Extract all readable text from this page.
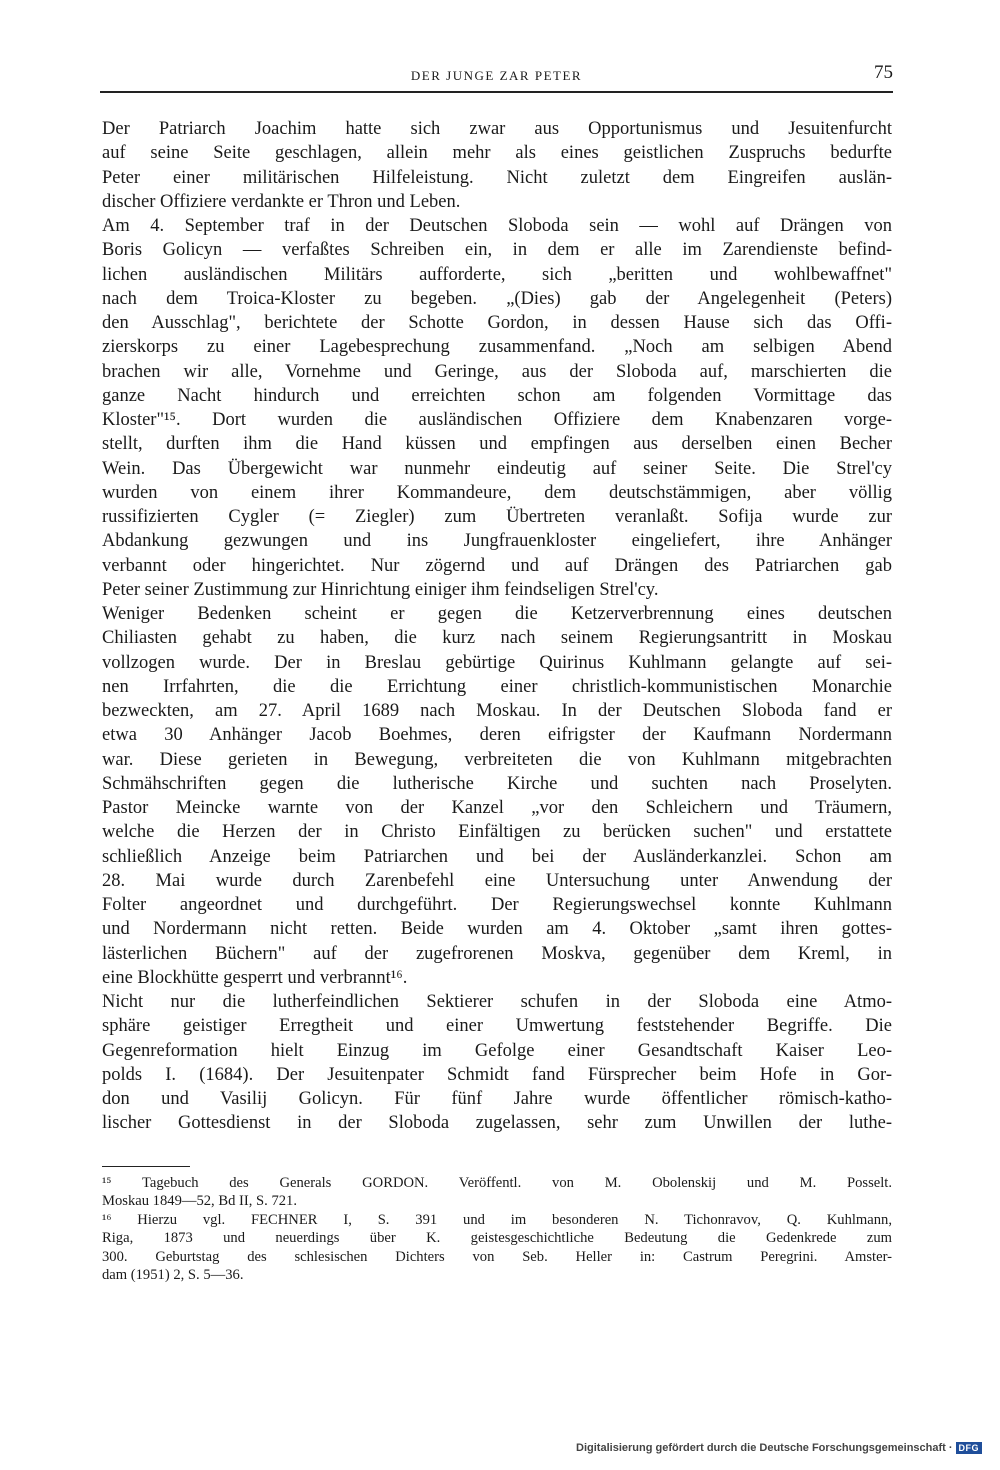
DER JUNGE ZAR PETER	75
Der Patriarch Joachim hatte sich zwar aus Opportunismus und Jesuitenfurcht
auf seine Seite geschlagen, allein mehr als eines geistlichen Zuspruchs bedurfte
Peter einer militärischen Hilfeleistung. Nicht zuletzt dem Eingreifen auslän-
discher Offiziere verdankte er Thron und Leben.
Am 4. September traf in der Deutschen Sloboda sein — wohl auf Drängen von
Boris Golicyn — verfaßtes Schreiben ein, in dem er alle im Zarendienste befind-
lichen ausländischen Militärs aufforderte, sich „beritten und wohlbewaffnet"
nach dem Troica-Kloster zu begeben. „(Dies) gab der Angelegenheit (Peters)
den Ausschlag", berichtete der Schotte Gordon, in dessen Hause sich das Offi-
zierskorps zu einer Lagebesprechung zusammenfand. „Noch am selbigen Abend
brachen wir alle, Vornehme und Geringe, aus der Sloboda auf, marschierten die
ganze Nacht hindurch und erreichten schon am folgenden Vormittage das
Kloster"¹⁵. Dort wurden die ausländischen Offiziere dem Knabenzaren vorge-
stellt, durften ihm die Hand küssen und empfingen aus derselben einen Becher
Wein. Das Übergewicht war nunmehr eindeutig auf seiner Seite. Die Strel'cy
wurden von einem ihrer Kommandeure, dem deutschstämmigen, aber völlig
russifizierten Cygler (= Ziegler) zum Übertreten veranlaßt. Sofija wurde zur
Abdankung gezwungen und ins Jungfrauenkloster eingeliefert, ihre Anhänger
verbannt oder hingerichtet. Nur zögernd und auf Drängen des Patriarchen gab
Peter seiner Zustimmung zur Hinrichtung einiger ihm feindseligen Strel'cy.
Weniger Bedenken scheint er gegen die Ketzerverbrennung eines deutschen
Chiliasten gehabt zu haben, die kurz nach seinem Regierungsantritt in Moskau
vollzogen wurde. Der in Breslau gebürtige Quirinus Kuhlmann gelangte auf sei-
nen Irrfahrten, die die Errichtung einer christlich-kommunistischen Monarchie
bezweckten, am 27. April 1689 nach Moskau. In der Deutschen Sloboda fand er
etwa 30 Anhänger Jacob Boehmes, deren eifrigster der Kaufmann Nordermann
war. Diese gerieten in Bewegung, verbreiteten die von Kuhlmann mitgebrachten
Schmähschriften gegen die lutherische Kirche und suchten nach Proselyten.
Pastor Meincke warnte von der Kanzel „vor den Schleichern und Träumern,
welche die Herzen der in Christo Einfältigen zu berücken suchen" und erstattete
schließlich Anzeige beim Patriarchen und bei der Ausländerkanzlei. Schon am
28. Mai wurde durch Zarenbefehl eine Untersuchung unter Anwendung der
Folter angeordnet und durchgeführt. Der Regierungswechsel konnte Kuhlmann
und Nordermann nicht retten. Beide wurden am 4. Oktober „samt ihren gottes-
lästerlichen Büchern" auf der zugefrorenen Moskva, gegenüber dem Kreml, in
eine Blockhütte gesperrt und verbrannt¹⁶.
Nicht nur die lutherfeindlichen Sektierer schufen in der Sloboda eine Atmo-
sphäre geistiger Erregtheit und einer Umwertung feststehender Begriffe. Die
Gegenreformation hielt Einzug im Gefolge einer Gesandtschaft Kaiser Leo-
polds I. (1684). Der Jesuitenpater Schmidt fand Fürsprecher beim Hofe in Gor-
don und Vasilij Golicyn. Für fünf Jahre wurde öffentlicher römisch-katho-
lischer Gottesdienst in der Sloboda zugelassen, sehr zum Unwillen der luthe-
¹⁵ Tagebuch des Generals GORDON. Veröffentl. von M. Obolenskij und M. Posselt.
Moskau 1849—52, Bd II, S. 721.
¹⁶ Hierzu vgl. FECHNER I, S. 391 und im besonderen N. Tichonravov, Q. Kuhlmann,
Riga, 1873 und neuerdings über K. geistesgeschichtliche Bedeutung die Gedenkrede zum
300. Geburtstag des schlesischen Dichters von Seb. Heller in: Castrum Peregrini. Amster-
dam (1951) 2, S. 5—36.
Digitalisierung gefördert durch die Deutsche Forschungsgemeinschaft · DFG
